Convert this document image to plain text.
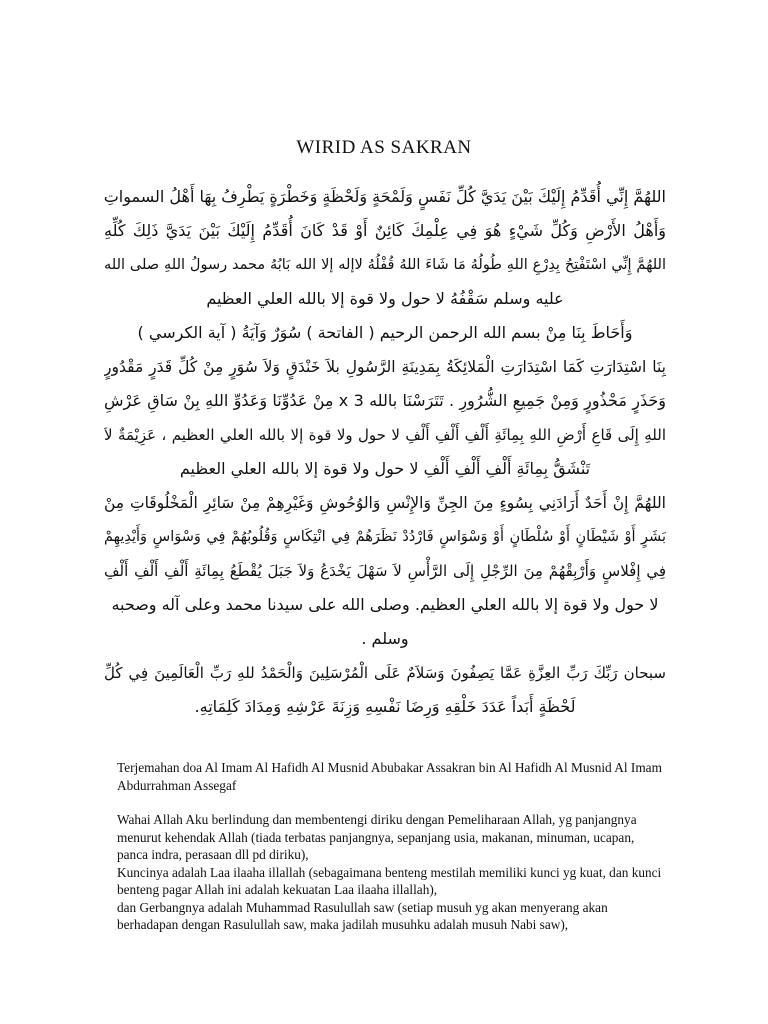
WIRID AS SAKRAN

اللهُمَّ إِنِّي أُقَدِّمُ إِلَيْكَ بَيْنَ يَدَيَّ كُلِّ نَفَسٍ وَلَمْحَةٍ وَلَحْظَةٍ وَخَطْرَةٍ يَطْرِفُ بِهَا أَهْلُ السمواتِ

وَأَهْلُ الأَرْضِ وَكُلِّ شَيْءٍ هُوَ فِي عِلْمِكَ كَائِنٌ أَوْ قَدْ كَانَ أُقَدِّمُ إِلَيْكَ بَيْنَ يَدَيَّ ذَلِكَ كُلِّهِ

اللهُمَّ إِنِّي اسْتَفْتِحُ بِدِرْعِ اللهِ طُولُهُ مَا شَاءَ اللهُ قُفْلُهُ لاإله إلا الله بَابُهُ محمد رسولُ اللهِ صلى الله

عليه وسلم سَقْفُهُ لا حول ولا قوة إلا بالله العلي العظيم

وَأَحَاطَ بِنَا مِنْ بسم الله الرحمن الرحيم ( الفاتحة ) سُوَرٌ وَآيَةُ ( آية الكرسي )

بِنَا اسْتِدَارَتِ كَمَا اسْتِدَارَتِ الْمَلائِكَةُ بِمَدِينَةِ الرَّسُولِ بلاَ خَنْدَقٍ وَلاَ سُوَرٍ مِنْ كُلِّ قَدَرٍ مَقْدُورٍ

وَحَذَرٍ مَحْذُورٍ وَمِنْ جَمِيعِ الشُّرُورِ . تَتَرَسْنَا بالله 3 x مِنْ عَدُوِّنَا وَعَدُوِّ اللهِ بِنْ سَاقِ عَرْشِ

اللهِ إِلَى قَاعِ أَرْضِ اللهِ بِمِائَةِ أَلْفِ أَلْفِ أَلْفِ لا حول ولا قوة إلا بالله العلي العظيم ، عَزِيْمَةٌ لاَ

تَنْشَقُّ بِمِائَةِ أَلْفِ أَلْفِ أَلْفِ لا حول ولا قوة إلا بالله العلي العظيم

اللهُمَّ إِنْ أَحَدٌ أَرَادَنِي بِسُوءٍ مِنَ الجِنِّ وَالإِنْسِ وَالوُحُوشِ وَغَيْرِهِمْ مِنْ سَائِرِ الْمَخْلُوقَاتِ مِنْ

بَشَرٍ أَوْ شَيْطَانٍ أَوْ سُلْطَانٍ أَوْ وَسْوَاسٍ فَارْدُدْ نَظَرَهُمْ فِي انْتِكَاسٍ وَقُلُوبُهُمْ فِي وَسْوَاسٍ وَأَيْدِيهِمْ

فِي إِفْلاسٍ وَأَرْبِقْهُمْ مِنَ الرِّجْلِ إِلَى الرَّأْسِ لاَ سَهْلَ يَخْدَعُ وَلاَ جَبَلَ يُقْطَعُ بِمِائَةِ أَلْفِ أَلْفِ أَلْفِ

لا حول ولا قوة إلا بالله العلي العظيم. وصلى الله على سيدنا محمد وعلى آله وصحبه

وسلم .

سبحان رَبِّكَ رَبِّ العِزَّةِ عَمَّا يَصِفُونَ وَسَلاَمٌ عَلَى الْمُرْسَلِينَ وَالْحَمْدُ للهِ رَبِّ الْعَالَمِينَ فِي كُلِّ

لَحْظَةٍ أَبَداً عَدَدَ خَلْقِهِ وَرِضَا نَفْسِهِ وَزِنَةَ عَرْشِهِ وَمِدَادَ كَلِمَاتِهِ.

Terjemahan doa Al Imam Al Hafidh Al Musnid Abubakar Assakran bin Al Hafidh Al Musnid Al Imam Abdurrahman Assegaf

Wahai Allah Aku berlindung dan membentengi diriku dengan Pemeliharaan Allah, yg panjangnya menurut kehendak Allah (tiada terbatas panjangnya, sepanjang usia, makanan, minuman, ucapan, panca indra, perasaan dll pd diriku),

Kuncinya adalah Laa ilaaha illallah (sebagaimana benteng mestilah memiliki kunci yg kuat, dan kunci benteng pagar Allah ini adalah kekuatan Laa ilaaha illallah),

dan Gerbangnya adalah Muhammad Rasulullah saw (setiap musuh yg akan menyerang akan berhadapan dengan Rasulullah saw, maka jadilah musuhku adalah musuh Nabi saw),
